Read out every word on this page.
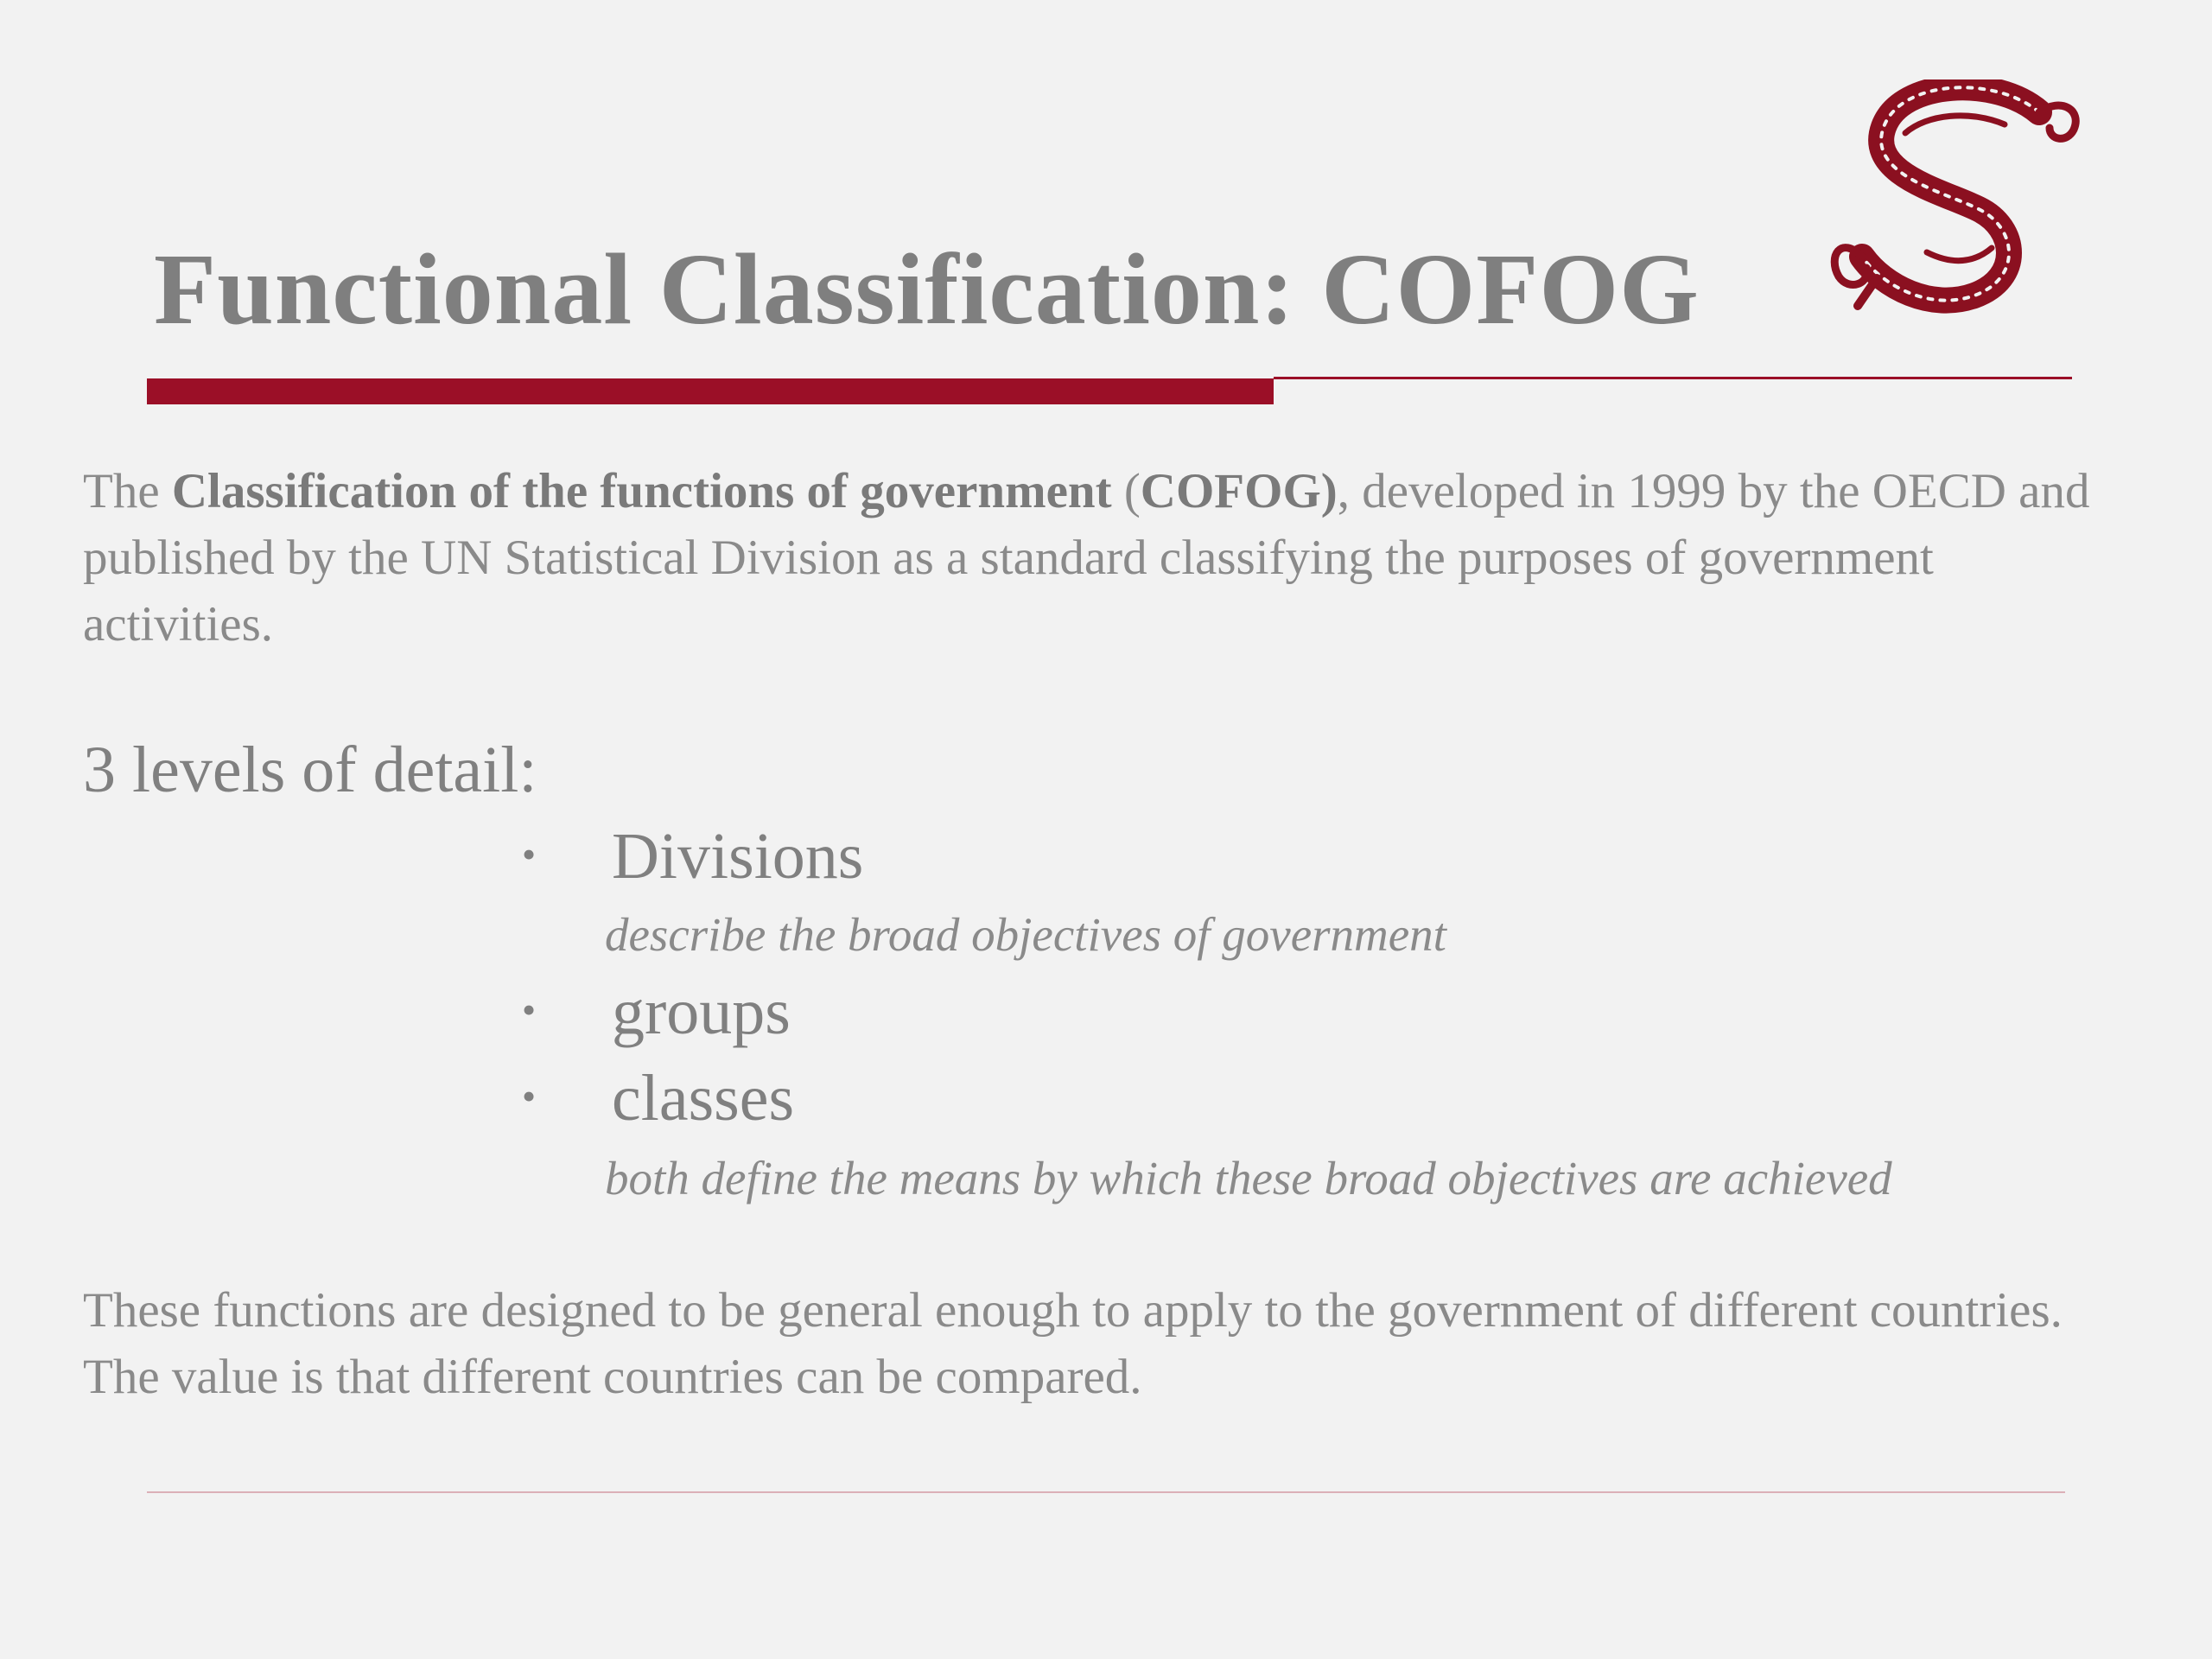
Functional Classification: COFOG

The Classification of the functions of government (COFOG), developed in 1999 by the OECD and published by the UN Statistical Division as a standard classifying the purposes of government activities.

3 levels of detail:

• Divisions
describe the broad objectives of government
• groups
• classes
both define the means by which these broad objectives are achieved

These functions are designed to be general enough to apply to the government of different countries. The value is that different countries can be compared.
